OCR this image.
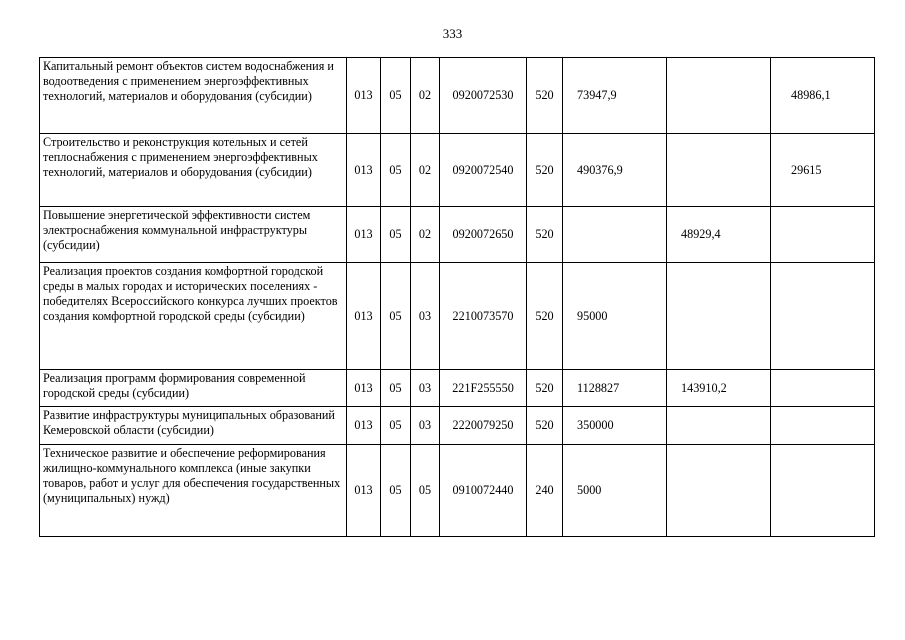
333
Капитальный ремонт объектов систем водоснабжения и водоотведения с применением энергоэффективных технологий, материалов и оборудования (субсидии)	013	05	02	0920072530	520	73947,9		48986,1
Строительство и реконструкция котельных и сетей теплоснабжения с применением энергоэффективных технологий, материалов и оборудования (субсидии)	013	05	02	0920072540	520	490376,9		29615
Повышение энергетической эффективности систем электроснабжения коммунальной инфраструктуры (субсидии)	013	05	02	0920072650	520		48929,4	
Реализация проектов создания комфортной городской среды в малых городах и исторических поселениях - победителях Всероссийского конкурса лучших проектов создания комфортной городской среды (субсидии)	013	05	03	2210073570	520	95000		
Реализация программ формирования современной городской среды (субсидии)	013	05	03	221F255550	520	1128827	143910,2	
Развитие инфраструктуры муниципальных образований Кемеровской области (субсидии)	013	05	03	2220079250	520	350000		
Техническое развитие и обеспечение реформирования жилищно-коммунального комплекса (иные закупки товаров, работ и услуг для обеспечения государственных (муниципальных) нужд)	013	05	05	0910072440	240	5000		
